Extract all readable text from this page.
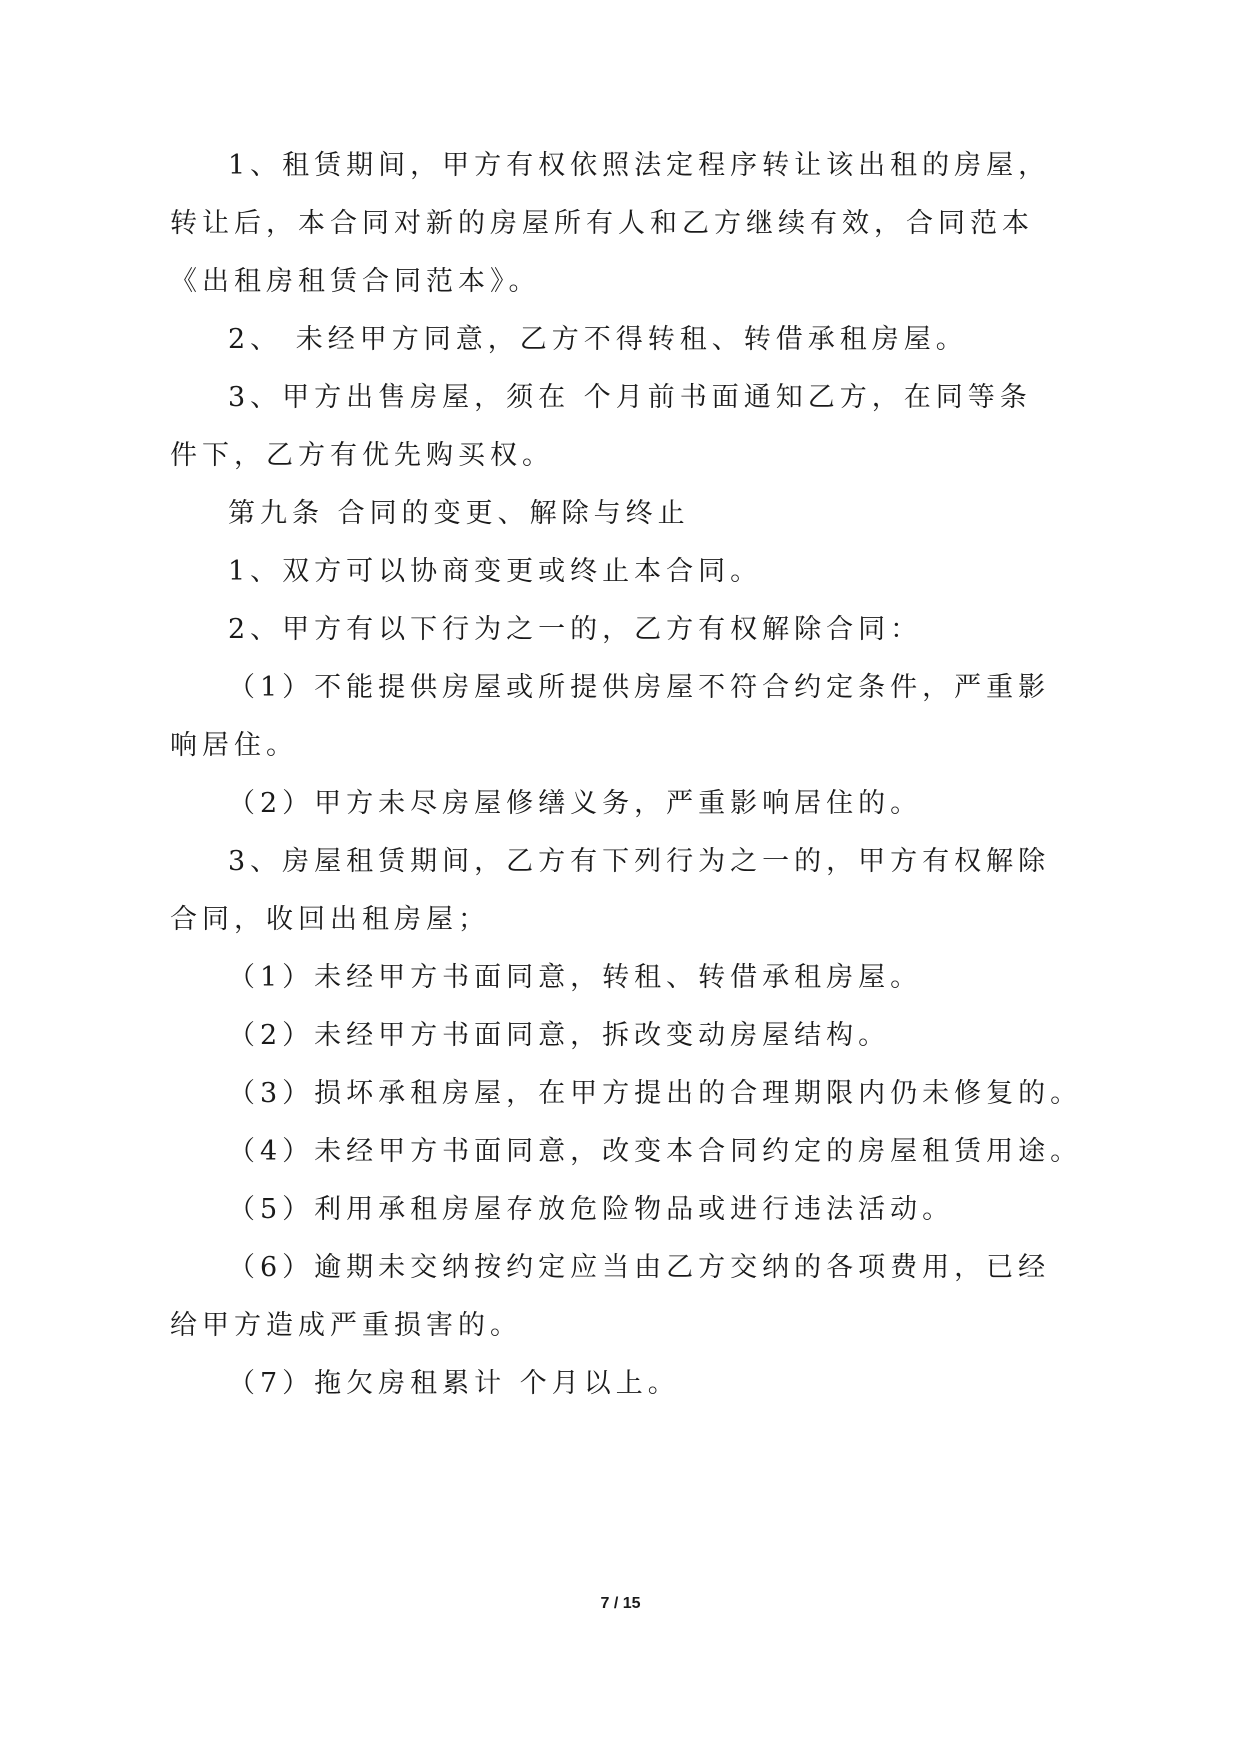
1、租赁期间，甲方有权依照法定程序转让该出租的房屋，
转让后，本合同对新的房屋所有人和乙方继续有效，合同范本
《出租房租赁合同范本》。
2、 未经甲方同意，乙方不得转租、转借承租房屋。
3、甲方出售房屋，须在 个月前书面通知乙方，在同等条
件下，乙方有优先购买权。
第九条 合同的变更、解除与终止
1、双方可以协商变更或终止本合同。
2、甲方有以下行为之一的，乙方有权解除合同：
（1）不能提供房屋或所提供房屋不符合约定条件，严重影
响居住。
（2）甲方未尽房屋修缮义务，严重影响居住的。
3、房屋租赁期间，乙方有下列行为之一的，甲方有权解除
合同，收回出租房屋；
（1）未经甲方书面同意，转租、转借承租房屋。
（2）未经甲方书面同意，拆改变动房屋结构。
（3）损坏承租房屋，在甲方提出的合理期限内仍未修复的。
（4）未经甲方书面同意，改变本合同约定的房屋租赁用途。
（5）利用承租房屋存放危险物品或进行违法活动。
（6）逾期未交纳按约定应当由乙方交纳的各项费用，已经
给甲方造成严重损害的。
（7）拖欠房租累计 个月以上。
7 / 15
